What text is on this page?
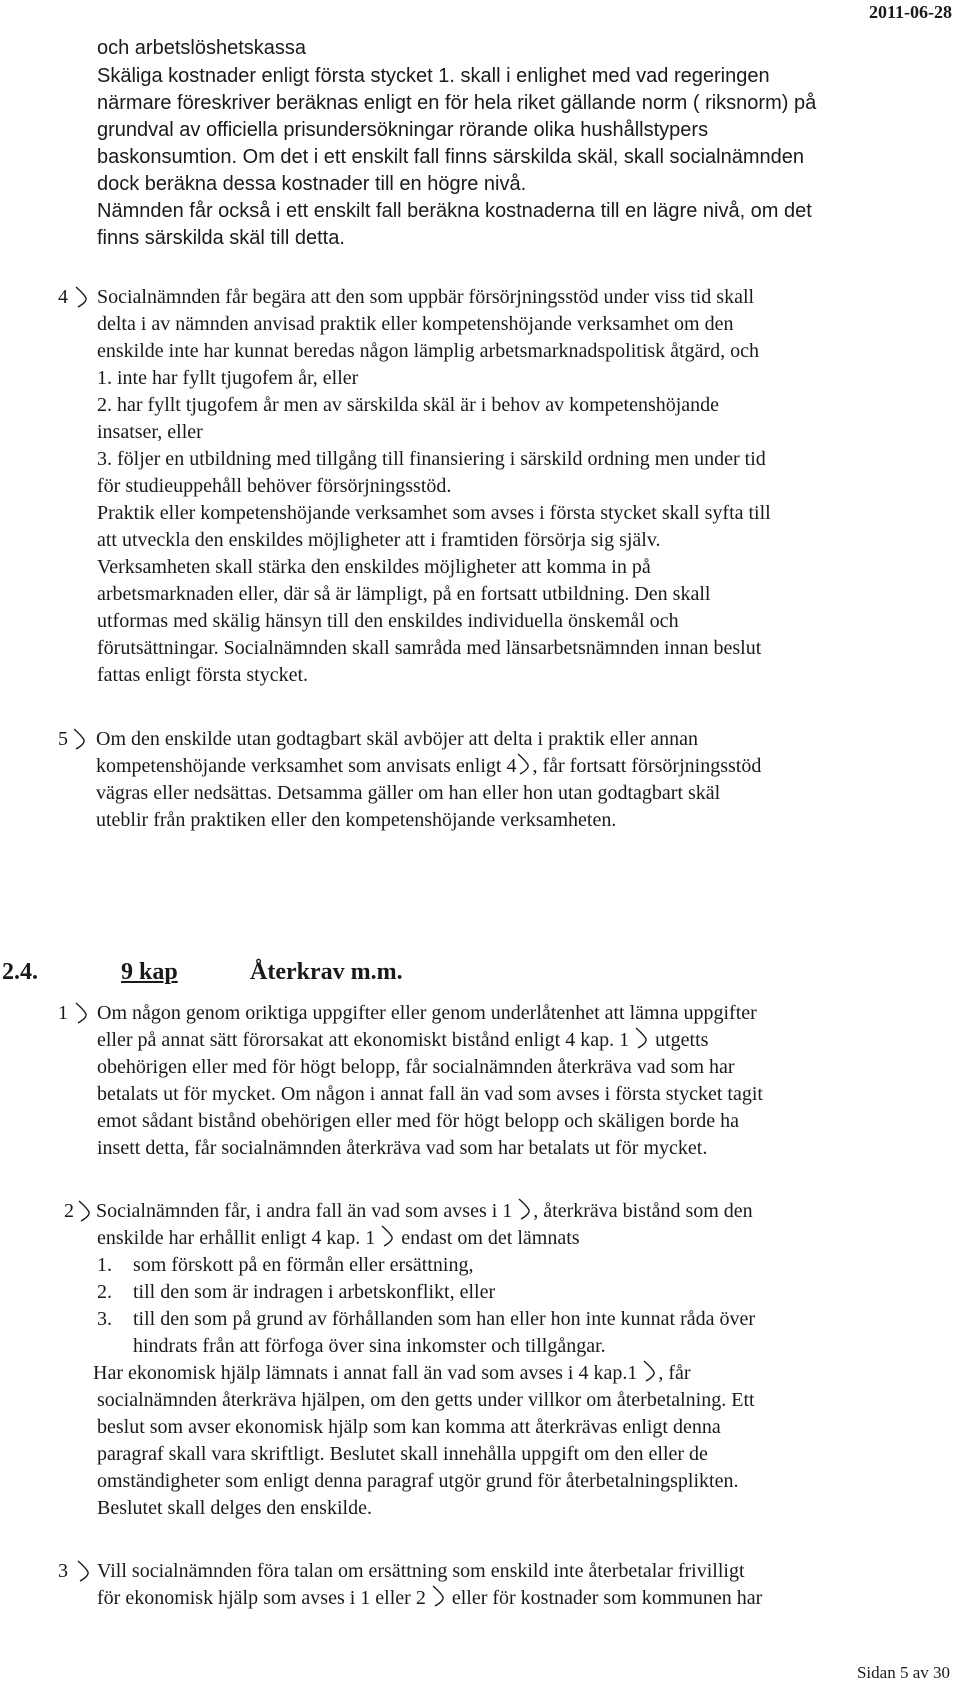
2011-06-28
och arbetslöshetskassa
Skäliga kostnader enligt första stycket 1. skall i enlighet med vad regeringen
närmare föreskriver beräknas enligt en för hela riket gällande norm ( riksnorm) på
grundval av officiella prisundersökningar rörande olika hushållstypers
baskonsumtion. Om det i ett enskilt fall finns särskilda skäl, skall socialnämnden
dock beräkna dessa kostnader till en högre nivå.
Nämnden får också i ett enskilt fall beräkna kostnaderna till en lägre nivå, om det
finns särskilda skäl till detta.
4 Socialnämnden får begära att den som uppbär försörjningsstöd under viss tid skall
delta i av nämnden anvisad praktik eller kompetenshöjande verksamhet om den
enskilde inte har kunnat beredas någon lämplig arbetsmarknadspolitisk åtgärd, och
1. inte har fyllt tjugofem år, eller
2. har fyllt tjugofem år men av särskilda skäl är i behov av kompetenshöjande
insatser, eller
3. följer en utbildning med tillgång till finansiering i särskild ordning men under tid
för studieuppehåll behöver försörjningsstöd.
Praktik eller kompetenshöjande verksamhet som avses i första stycket skall syfta till
att utveckla den enskildes möjligheter att i framtiden försörja sig själv.
Verksamheten skall stärka den enskildes möjligheter att komma in på
arbetsmarknaden eller, där så är lämpligt, på en fortsatt utbildning. Den skall
utformas med skälig hänsyn till den enskildes individuella önskemål och
förutsättningar. Socialnämnden skall samråda med länsarbetsnämnden innan beslut
fattas enligt första stycket.
5 Om den enskilde utan godtagbart skäl avböjer att delta i praktik eller annan
kompetenshöjande verksamhet som anvisats enligt 4 , får fortsatt försörjningsstöd
vägras eller nedsättas. Detsamma gäller om han eller hon utan godtagbart skäl
uteblir från praktiken eller den kompetenshöjande verksamheten.
2.4.	9 kap	Återkrav m.m.
1 Om någon genom oriktiga uppgifter eller genom underlåtenhet att lämna uppgifter
eller på annat sätt förorsakat att ekonomiskt bistånd enligt 4 kap. 1 utgetts
obehörigen eller med för högt belopp, får socialnämnden återkräva vad som har
betalats ut för mycket. Om någon i annat fall än vad som avses i första stycket tagit
emot sådant bistånd obehörigen eller med för högt belopp och skäligen borde ha
insett detta, får socialnämnden återkräva vad som har betalats ut för mycket.
2 Socialnämnden får, i andra fall än vad som avses i 1 , återkräva bistånd som den
enskilde har erhållit enligt 4 kap. 1 endast om det lämnats
1. som förskott på en förmån eller ersättning,
2. till den som är indragen i arbetskonflikt, eller
3. till den som på grund av förhållanden som han eller hon inte kunnat råda över
hindrats från att förfoga över sina inkomster och tillgångar.
Har ekonomisk hjälp lämnats i annat fall än vad som avses i 4 kap.1 , får
socialnämnden återkräva hjälpen, om den getts under villkor om återbetalning. Ett
beslut som avser ekonomisk hjälp som kan komma att återkrävas enligt denna
paragraf skall vara skriftligt. Beslutet skall innehålla uppgift om den eller de
omständigheter som enligt denna paragraf utgör grund för återbetalningsplikten.
Beslutet skall delges den enskilde.
3 Vill socialnämnden föra talan om ersättning som enskild inte återbetalar frivilligt
för ekonomisk hjälp som avses i 1 eller 2 eller för kostnader som kommunen har
Sidan 5 av 30
